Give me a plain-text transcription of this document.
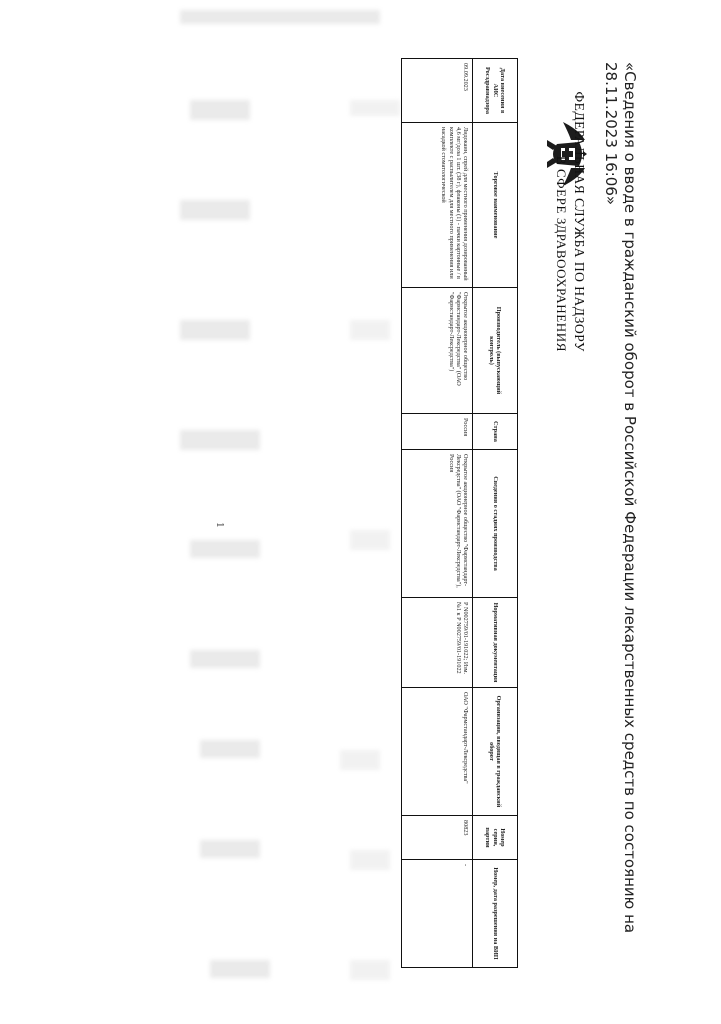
«Сведения о вводе в гражданский оборот в Российской Федерации лекарственных средств по состоянию на 28.11.2023 16:06»
ФЕДЕРАЛЬНАЯ СЛУЖБА ПО НАДЗОРУ
В СФЕРЕ ЗДРАВООХРАНЕНИЯ
Дата внесения в АИС Росздравнадзора	Торговое наименование	Производитель (выпускающий контроль)	Страна	Сведения о стадиях производства	Нормативная документация	Организация, вводящая в гражданский оборот	Номер серии, партии	Номер, дата разрешения на ВИП
09.09.2023	Лидокаин, спрей для местного применения дозированный 4,6 мг/доза 1 шт. (38 г), флаконы (1) - пачки картонные / в комплекте с распылителем для местного применения или насадкой стоматологической	Открытое акционерное общество "Фармстандарт-Лексредства" (ОАО "Фармстандарт-Лексредства")	Россия	Открытое акционерное общество "Фармстандарт-Лексредства" (ОАО "Фармстандарт-Лексредства"), Россия	Р N002759/01-191022; Изм. №1 к Р N002759/01-191022	ОАО "Фармстандарт-Лексредства"	80823	-
1
